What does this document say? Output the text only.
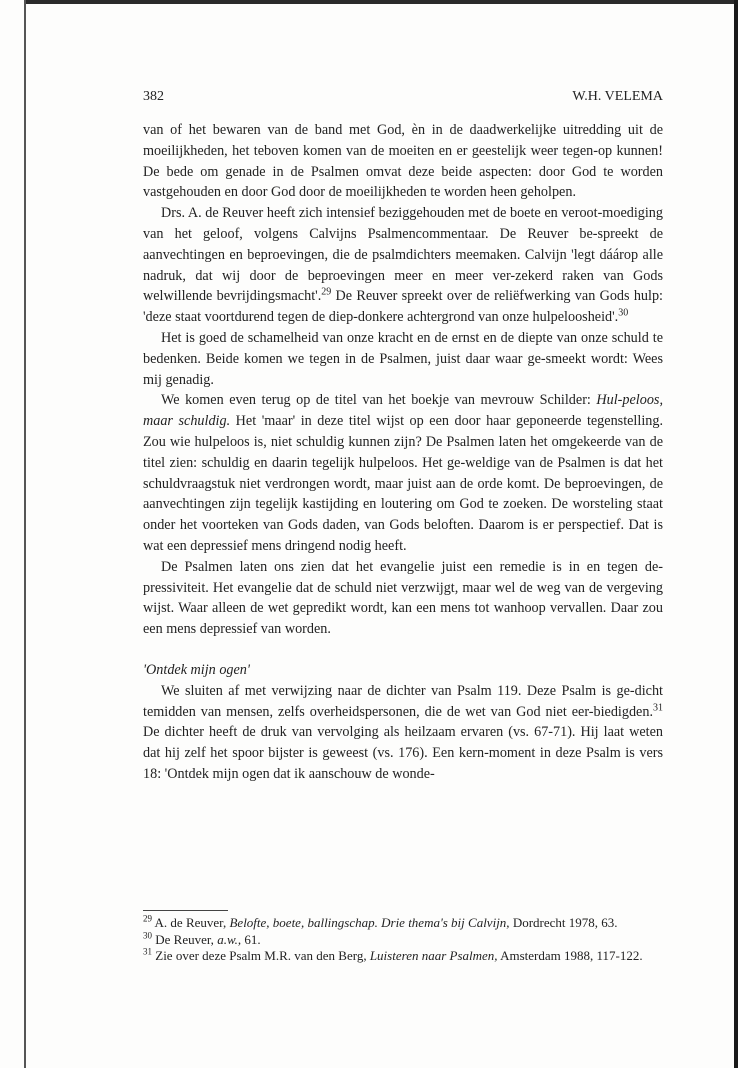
382	W.H. VELEMA

van of het bewaren van de band met God, èn in de daadwerkelijke uitredding uit de moeilijkheden, het teboven komen van de moeiten en er geestelijk weer tegen-op kunnen! De bede om genade in de Psalmen omvat deze beide aspecten: door God te worden vastgehouden en door God door de moeilijkheden te worden heen geholpen.

Drs. A. de Reuver heeft zich intensief beziggehouden met de boete en veroot-moediging van het geloof, volgens Calvijns Psalmencommentaar. De Reuver be-spreekt de aanvechtingen en beproevingen, die de psalmdichters meemaken. Calvijn 'legt dáárop alle nadruk, dat wij door de beproevingen meer en meer ver-zekerd raken van Gods welwillende bevrijdingsmacht'.$^{29}$ De Reuver spreekt over de reliëfwerking van Gods hulp: 'deze staat voortdurend tegen de diep-donkere achtergrond van onze hulpeloosheid'.$^{30}$

Het is goed de schamelheid van onze kracht en de ernst en de diepte van onze schuld te bedenken. Beide komen we tegen in de Psalmen, juist daar waar ge-smeekt wordt: Wees mij genadig.

We komen even terug op de titel van het boekje van mevrouw Schilder: Hul-peloos, maar schuldig. Het 'maar' in deze titel wijst op een door haar geponeerde tegenstelling. Zou wie hulpeloos is, niet schuldig kunnen zijn? De Psalmen laten het omgekeerde van de titel zien: schuldig en daarin tegelijk hulpeloos. Het ge-weldige van de Psalmen is dat het schuldvraagstuk niet verdrongen wordt, maar juist aan de orde komt. De beproevingen, de aanvechtingen zijn tegelijk kastijding en loutering om God te zoeken. De worsteling staat onder het voorteken van Gods daden, van Gods beloften. Daarom is er perspectief. Dat is wat een depressief mens dringend nodig heeft.

De Psalmen laten ons zien dat het evangelie juist een remedie is in en tegen de-pressiviteit. Het evangelie dat de schuld niet verzwijgt, maar wel de weg van de vergeving wijst. Waar alleen de wet gepredikt wordt, kan een mens tot wanhoop vervallen. Daar zou een mens depressief van worden.

'Ontdek mijn ogen'

We sluiten af met verwijzing naar de dichter van Psalm 119. Deze Psalm is ge-dicht temidden van mensen, zelfs overheidspersonen, die de wet van God niet eer-biedigden.$^{31}$ De dichter heeft de druk van vervolging als heilzaam ervaren (vs. 67-71). Hij laat weten dat hij zelf het spoor bijster is geweest (vs. 176). Een kern-moment in deze Psalm is vers 18: 'Ontdek mijn ogen dat ik aanschouw de wonde-

$^{29}$ A. de Reuver, Belofte, boete, ballingschap. Drie thema's bij Calvijn, Dordrecht 1978, 63.

$^{30}$ De Reuver, a.w., 61.

$^{31}$ Zie over deze Psalm M.R. van den Berg, Luisteren naar Psalmen, Amsterdam 1988, 117-122.
